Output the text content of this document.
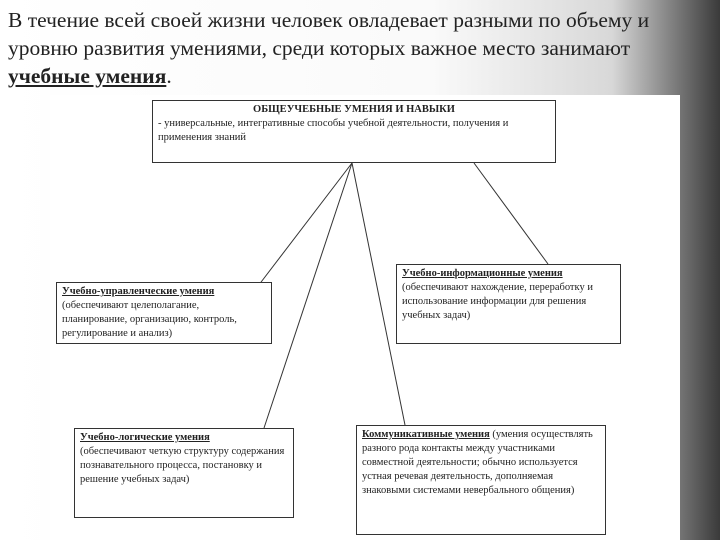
В течение всей своей жизни человек овладевает разными по объему и уровню развития умениями, среди которых важное место занимают учебные умения.
ОБЩЕУЧЕБНЫЕ УМЕНИЯ И НАВЫКИ
- универсальные, интегративные способы учебной деятельности, получения и применения знаний
Учебно-управленческие умения
(обеспечивают целеполагание, планирование, организацию, контроль, регулирование и анализ)
Учебно-информационные умения
(обеспечивают нахождение, переработку и использование информации для решения учебных задач)
Учебно-логические умения
(обеспечивают четкую структуру содержания познавательного процесса, постановку и решение учебных задач)
Коммуникативные умения (умения осуществлять разного рода контакты между участниками совместной деятельности; обычно используется устная речевая деятельность, дополняемая знаковыми системами невербального общения)
